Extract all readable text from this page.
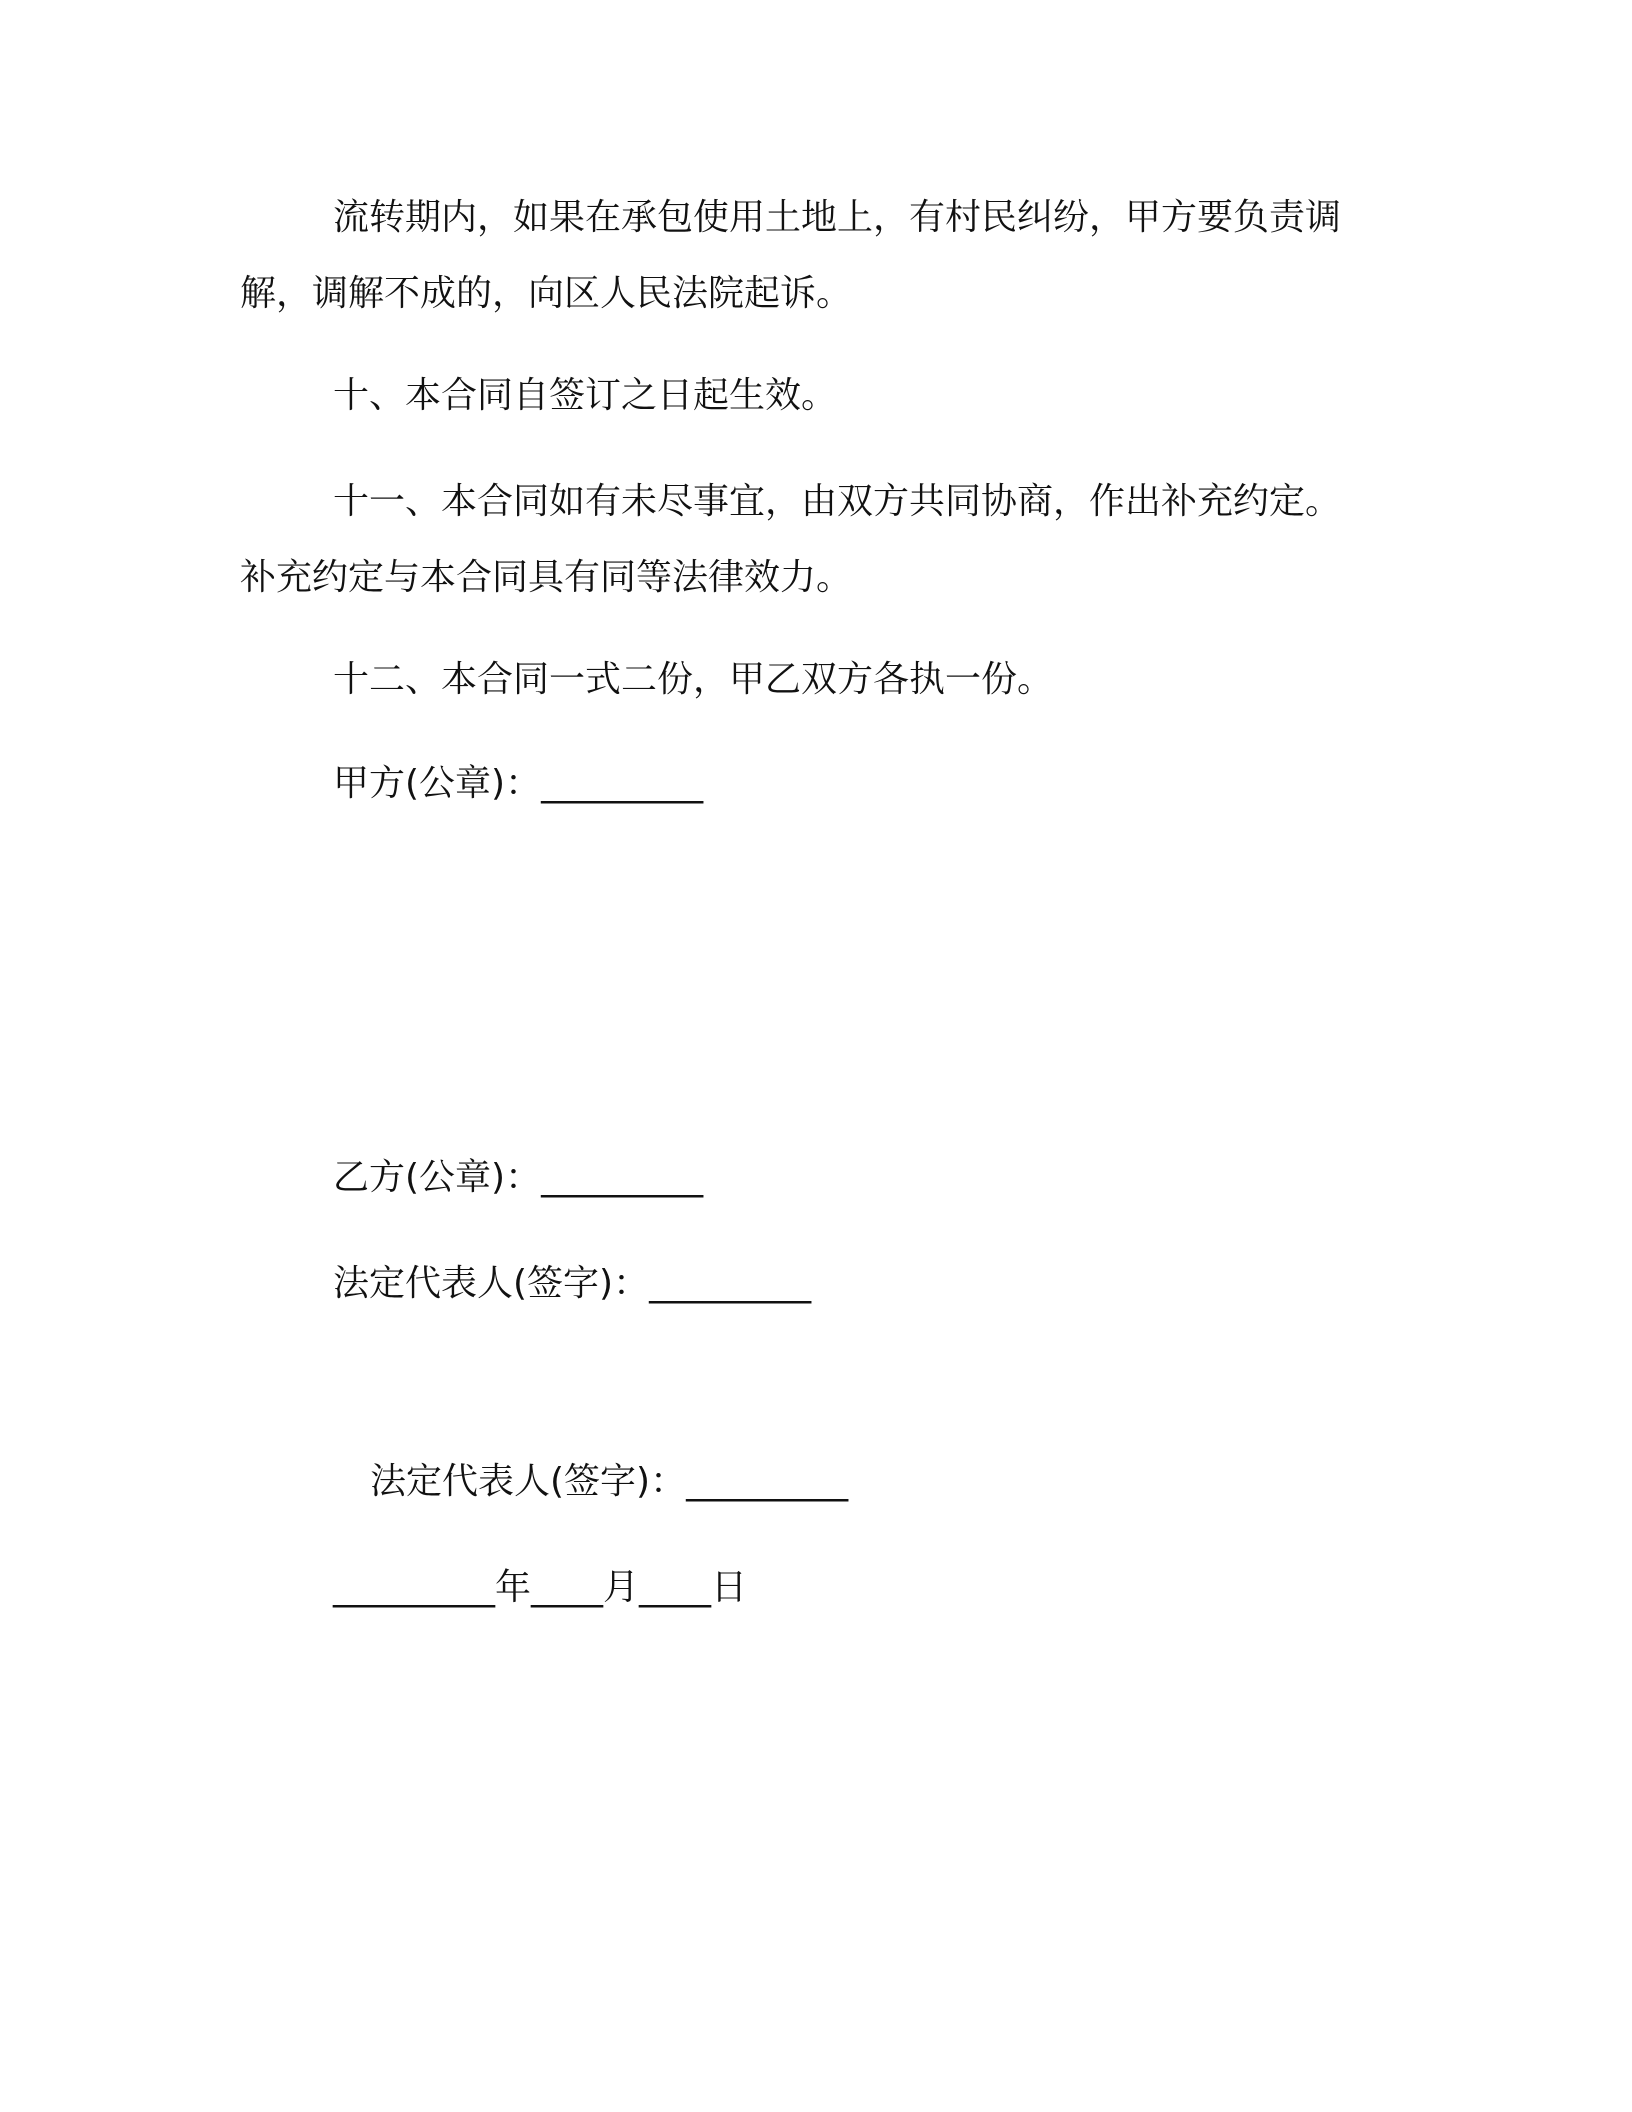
流转期内，如果在承包使用土地上，有村民纠纷，甲方要负责调
解，调解不成的，向区人民法院起诉。
十、本合同自签订之日起生效。
十一、本合同如有未尽事宜，由双方共同协商，作出补充约定。
补充约定与本合同具有同等法律效力。
十二、本合同一式二份，甲乙双方各执一份。
甲方(公章)：_________
乙方(公章)：_________
法定代表人(签字)：_________
法定代表人(签字)：_________
_________年____月____日
